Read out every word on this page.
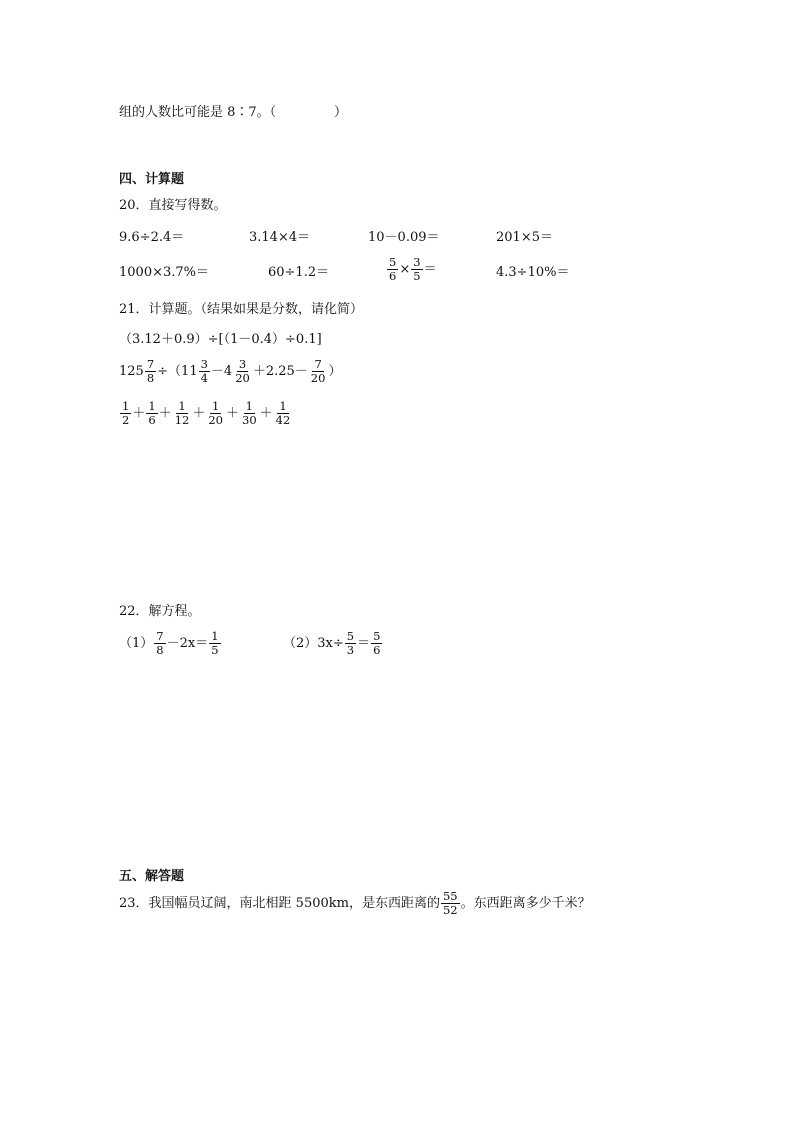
组的人数比可能是 8∶7。（	）
四、计算题
20．直接写得数。
9.6÷2.4＝	3.14×4＝	10－0.09＝	201×5＝
1000×3.7%＝	60÷1.2＝	$\frac{5}{6} \times \frac{3}{5}$ ＝	4.3÷10%＝
21．计算题。（结果如果是分数，请化简）
（3.12＋0.9）÷[（1－0.4）÷0.1]
$125 \frac{7}{8} \div(11 \frac{3}{4} -4 \frac{3}{20} +2.25- \frac{7}{20}$ ）
$\frac{1}{2} + \frac{1}{6} + \frac{1}{12} + \frac{1}{20} + \frac{1}{30} + \frac{1}{42}$
22．解方程。
$(1) \frac{7}{8} -2x= \frac{1}{5}$	（2） $3x\div \frac{5}{3} = \frac{5}{6}$
五、解答题
23．我国幅员辽阔，南北相距 5500km，是东西距离的 $\frac{55}{52}$ 。东西距离多少千米？
